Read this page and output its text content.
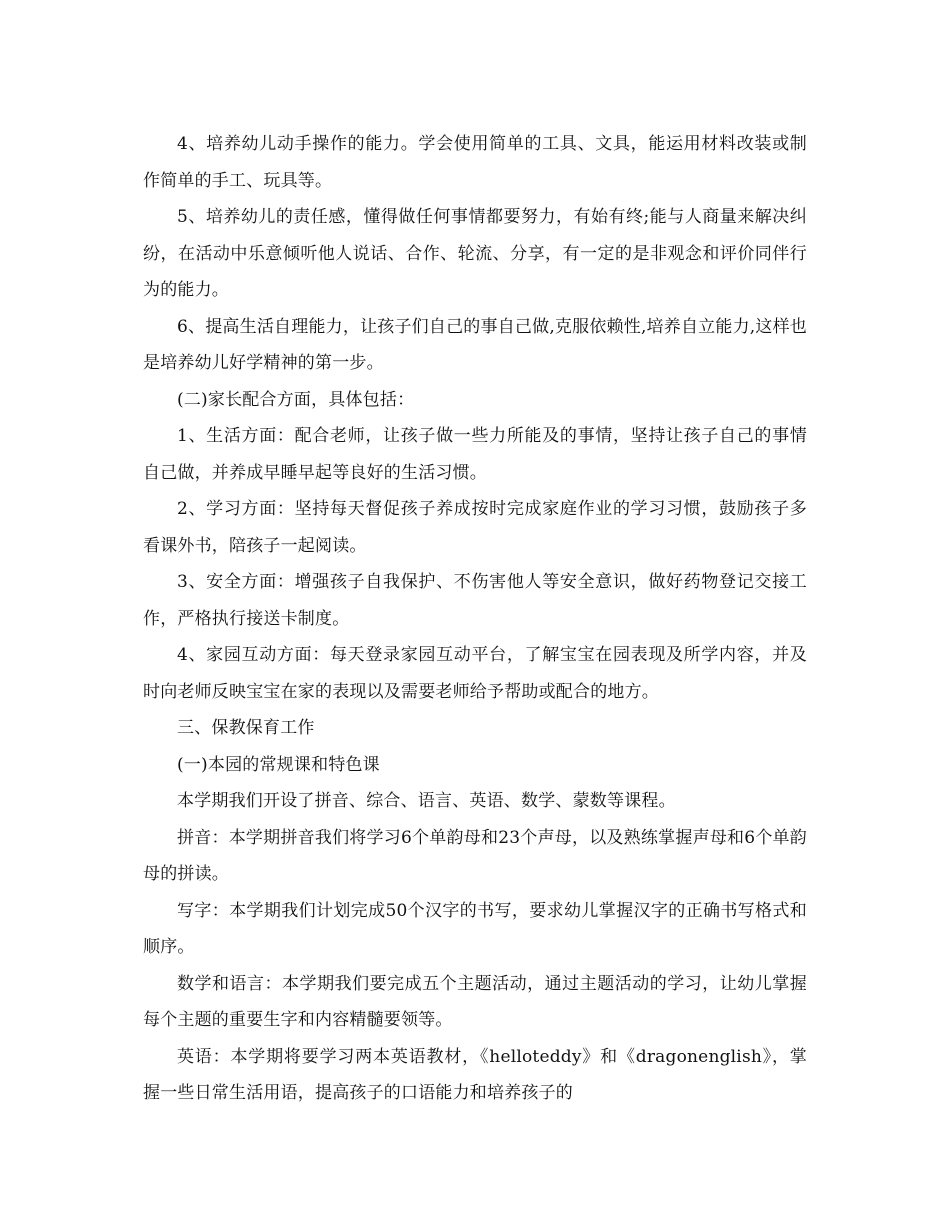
4、培养幼儿动手操作的能力。学会使用简单的工具、文具，能运用材料改装或制作简单的手工、玩具等。

5、培养幼儿的责任感，懂得做任何事情都要努力，有始有终;能与人商量来解决纠纷，在活动中乐意倾听他人说话、合作、轮流、分享，有一定的是非观念和评价同伴行为的能力。

6、提高生活自理能力，让孩子们自己的事自己做,克服依赖性,培养自立能力,这样也是培养幼儿好学精神的第一步。

(二)家长配合方面，具体包括：

1、生活方面：配合老师，让孩子做一些力所能及的事情，坚持让孩子自己的事情自己做，并养成早睡早起等良好的生活习惯。

2、学习方面：坚持每天督促孩子养成按时完成家庭作业的学习习惯，鼓励孩子多看课外书，陪孩子一起阅读。

3、安全方面：增强孩子自我保护、不伤害他人等安全意识，做好药物登记交接工作，严格执行接送卡制度。

4、家园互动方面：每天登录家园互动平台，了解宝宝在园表现及所学内容，并及时向老师反映宝宝在家的表现以及需要老师给予帮助或配合的地方。

三、保教保育工作

(一)本园的常规课和特色课

本学期我们开设了拼音、综合、语言、英语、数学、蒙数等课程。

拼音：本学期拼音我们将学习6个单韵母和23个声母，以及熟练掌握声母和6个单韵母的拼读。

写字：本学期我们计划完成50个汉字的书写，要求幼儿掌握汉字的正确书写格式和顺序。

数学和语言：本学期我们要完成五个主题活动，通过主题活动的学习，让幼儿掌握每个主题的重要生字和内容精髓要领等。

英语：本学期将要学习两本英语教材，《helloteddy》和《dragonenglish》，掌握一些日常生活用语，提高孩子的口语能力和培养孩子的
